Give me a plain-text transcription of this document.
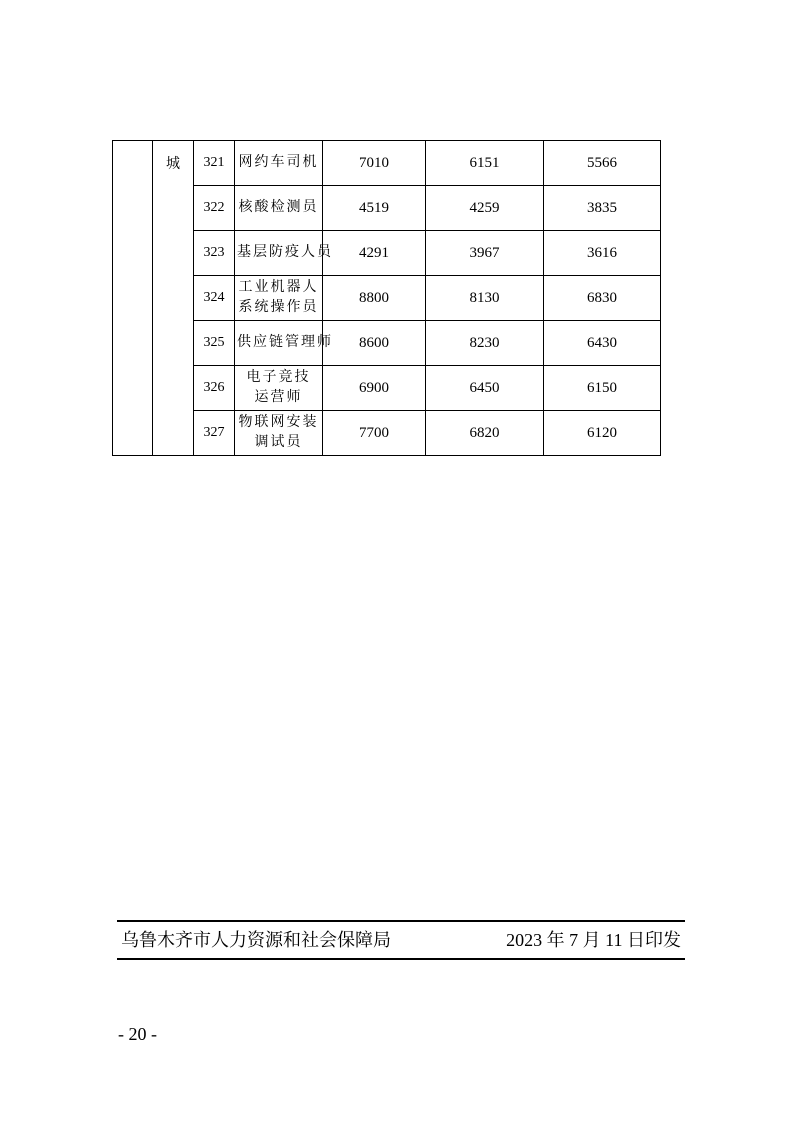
	城	321	网约车司机	7010	6151	5566
		322	核酸检测员	4519	4259	3835
		323	基层防疫人员	4291	3967	3616
		324	工业机器人
系统操作员	8800	8130	6830
		325	供应链管理师	8600	8230	6430
		326	电子竞技
运营师	6900	6450	6150
		327	物联网安装
调试员	7700	6820	6120
乌鲁木齐市人力资源和社会保障局	2023 年 7 月 11 日印发
- 20 -
